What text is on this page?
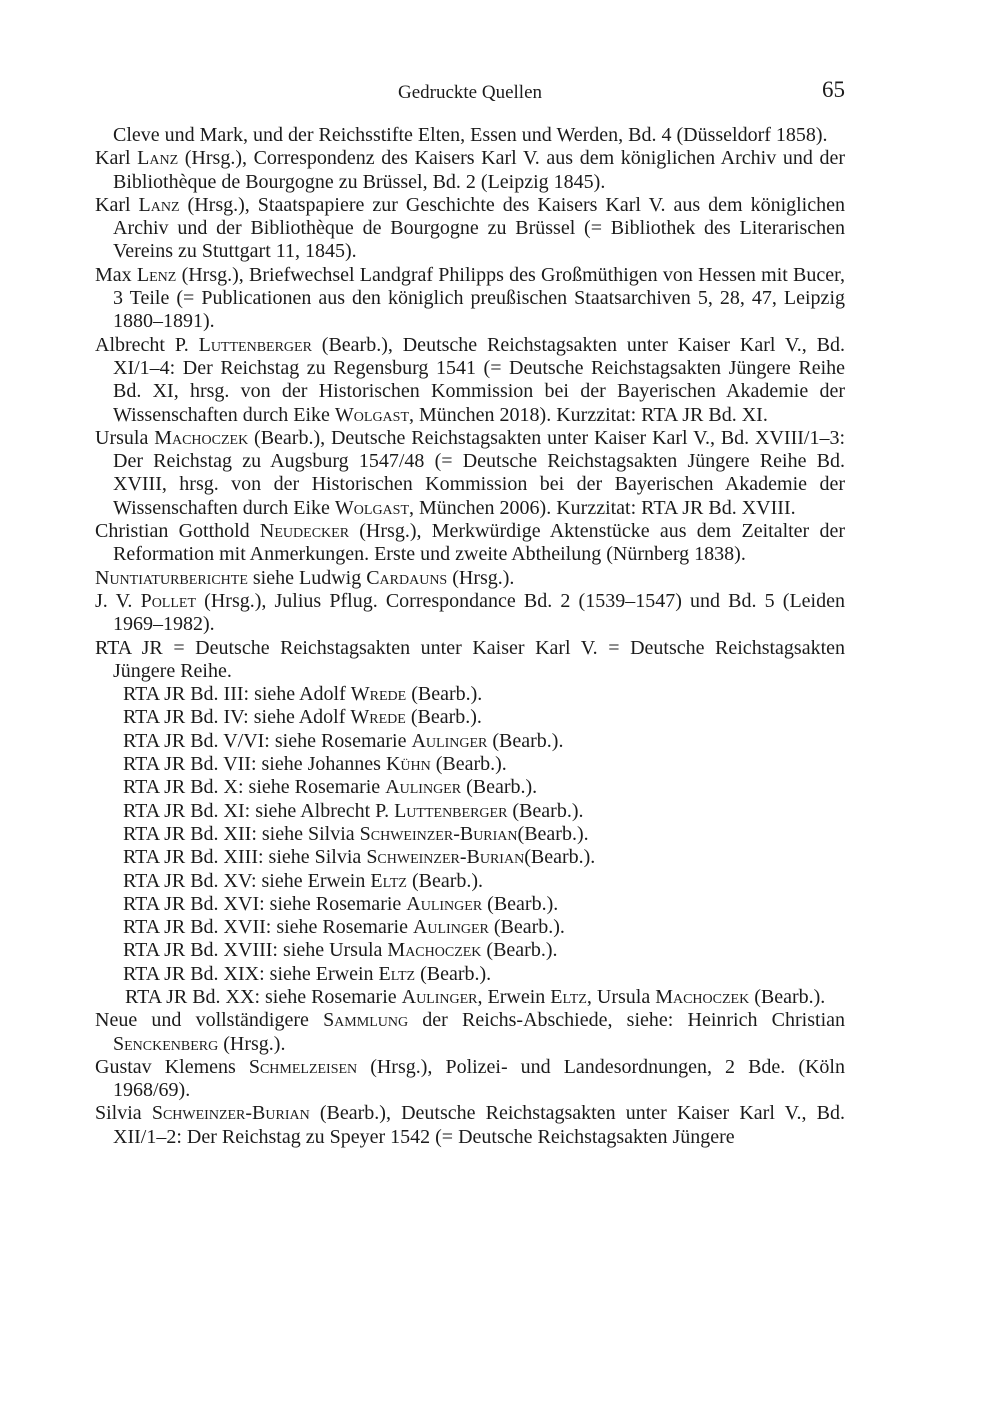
Gedruckte Quellen	65
Cleve und Mark, und der Reichsstifte Elten, Essen und Werden, Bd. 4 (Düsseldorf 1858).
Karl Lanz (Hrsg.), Correspondenz des Kaisers Karl V. aus dem königlichen Archiv und der Bibliothèque de Bourgogne zu Brüssel, Bd. 2 (Leipzig 1845).
Karl Lanz (Hrsg.), Staatspapiere zur Geschichte des Kaisers Karl V. aus dem königlichen Archiv und der Bibliothèque de Bourgogne zu Brüssel (= Bibliothek des Literarischen Vereins zu Stuttgart 11, 1845).
Max Lenz (Hrsg.), Briefwechsel Landgraf Philipps des Großmüthigen von Hessen mit Bucer, 3 Teile (= Publicationen aus den königlich preußischen Staatsarchiven 5, 28, 47, Leipzig 1880–1891).
Albrecht P. Luttenberger (Bearb.), Deutsche Reichstagsakten unter Kaiser Karl V., Bd. XI/1–4: Der Reichstag zu Regensburg 1541 (= Deutsche Reichstagsakten Jüngere Reihe Bd. XI, hrsg. von der Historischen Kommission bei der Bayerischen Akademie der Wissenschaften durch Eike Wolgast, München 2018). Kurzzitat: RTA JR Bd. XI.
Ursula Machoczek (Bearb.), Deutsche Reichstagsakten unter Kaiser Karl V., Bd. XVIII/1–3: Der Reichstag zu Augsburg 1547/48 (= Deutsche Reichstagsakten Jüngere Reihe Bd. XVIII, hrsg. von der Historischen Kommission bei der Bayerischen Akademie der Wissenschaften durch Eike Wolgast, München 2006). Kurzzitat: RTA JR Bd. XVIII.
Christian Gotthold Neudecker (Hrsg.), Merkwürdige Aktenstücke aus dem Zeitalter der Reformation mit Anmerkungen. Erste und zweite Abtheilung (Nürnberg 1838).
Nuntiaturberichte siehe Ludwig Cardauns (Hrsg.).
J. V. Pollet (Hrsg.), Julius Pflug. Correspondance Bd. 2 (1539–1547) und Bd. 5 (Leiden 1969–1982).
RTA JR = Deutsche Reichstagsakten unter Kaiser Karl V. = Deutsche Reichstagsakten Jüngere Reihe.
RTA JR Bd. III: siehe Adolf Wrede (Bearb.).
RTA JR Bd. IV: siehe Adolf Wrede (Bearb.).
RTA JR Bd. V/VI: siehe Rosemarie Aulinger (Bearb.).
RTA JR Bd. VII: siehe Johannes Kühn (Bearb.).
RTA JR Bd. X: siehe Rosemarie Aulinger (Bearb.).
RTA JR Bd. XI: siehe Albrecht P. Luttenberger (Bearb.).
RTA JR Bd. XII: siehe Silvia Schweinzer-Burian(Bearb.).
RTA JR Bd. XIII: siehe Silvia Schweinzer-Burian(Bearb.).
RTA JR Bd. XV: siehe Erwein Eltz (Bearb.).
RTA JR Bd. XVI: siehe Rosemarie Aulinger (Bearb.).
RTA JR Bd. XVII: siehe Rosemarie Aulinger (Bearb.).
RTA JR Bd. XVIII: siehe Ursula Machoczek (Bearb.).
RTA JR Bd. XIX: siehe Erwein Eltz (Bearb.).
RTA JR Bd. XX: siehe Rosemarie Aulinger, Erwein Eltz, Ursula Machoczek (Bearb.).
Neue und vollständigere Sammlung der Reichs-Abschiede, siehe: Heinrich Christian Senckenberg (Hrsg.).
Gustav Klemens Schmelzeisen (Hrsg.), Polizei- und Landesordnungen, 2 Bde. (Köln 1968/69).
Silvia Schweinzer-Burian (Bearb.), Deutsche Reichstagsakten unter Kaiser Karl V., Bd. XII/1–2: Der Reichstag zu Speyer 1542 (= Deutsche Reichstagsakten Jüngere
